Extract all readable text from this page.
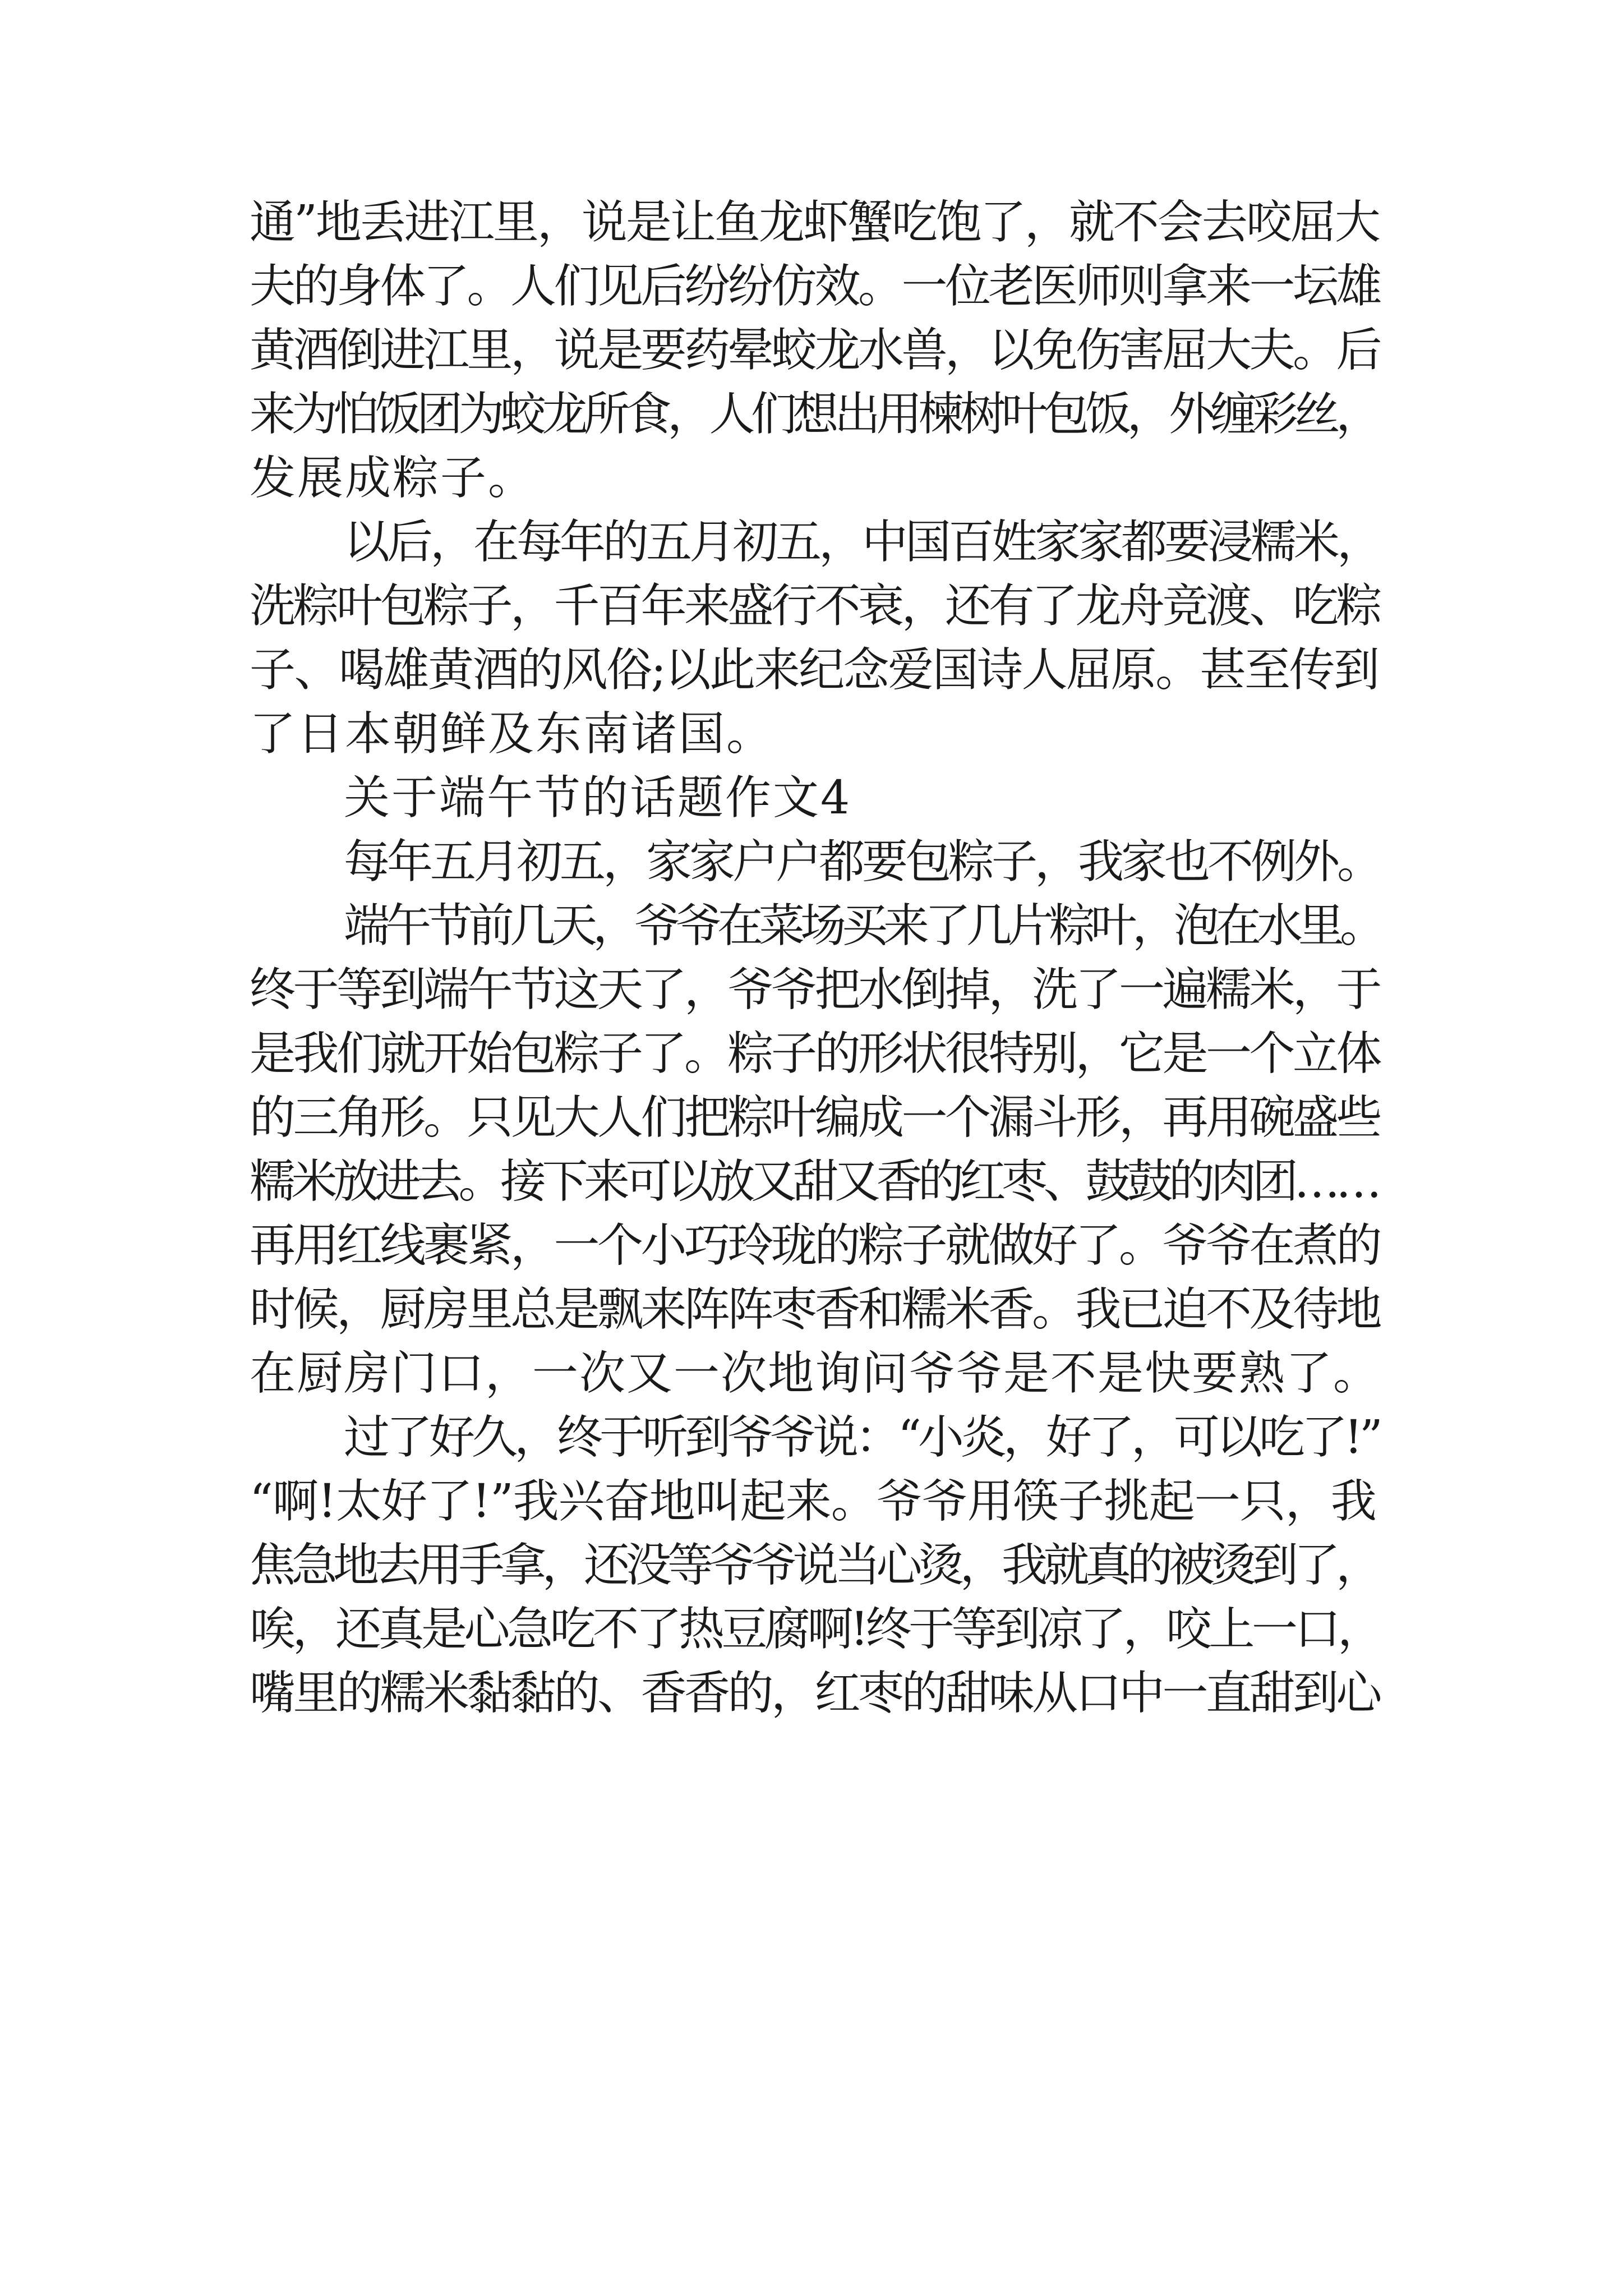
通”地丢进江里，说是让鱼龙虾蟹吃饱了，就不会去咬屈大
夫的身体了。人们见后纷纷仿效。一位老医师则拿来一坛雄
黄酒倒进江里，说是要药晕蛟龙水兽，以免伤害屈大夫。后
来为怕饭团为蛟龙所食，人们想出用楝树叶包饭，外缠彩丝，
发展成粽子。
以后，在每年的五月初五，中国百姓家家都要浸糯米，
洗粽叶包粽子，千百年来盛行不衰，还有了龙舟竞渡、吃粽
子、喝雄黄酒的风俗;以此来纪念爱国诗人屈原。甚至传到
了日本朝鲜及东南诸国。
关于端午节的话题作文4
每年五月初五，家家户户都要包粽子，我家也不例外。
端午节前几天，爷爷在菜场买来了几片粽叶，泡在水里。
终于等到端午节这天了，爷爷把水倒掉，洗了一遍糯米，于
是我们就开始包粽子了。粽子的形状很特别，它是一个立体
的三角形。只见大人们把粽叶编成一个漏斗形，再用碗盛些
糯米放进去。接下来可以放又甜又香的红枣、鼓鼓的肉团……
再用红线裹紧，一个小巧玲珑的粽子就做好了。爷爷在煮的
时候，厨房里总是飘来阵阵枣香和糯米香。我已迫不及待地
在厨房门口，一次又一次地询问爷爷是不是快要熟了。
过了好久，终于听到爷爷说：“小炎，好了，可以吃了!”
“啊!太好了!”我兴奋地叫起来。爷爷用筷子挑起一只，我
焦急地去用手拿，还没等爷爷说当心烫，我就真的被烫到了，
唉，还真是心急吃不了热豆腐啊!终于等到凉了，咬上一口，
嘴里的糯米黏黏的、香香的，红枣的甜味从口中一直甜到心
